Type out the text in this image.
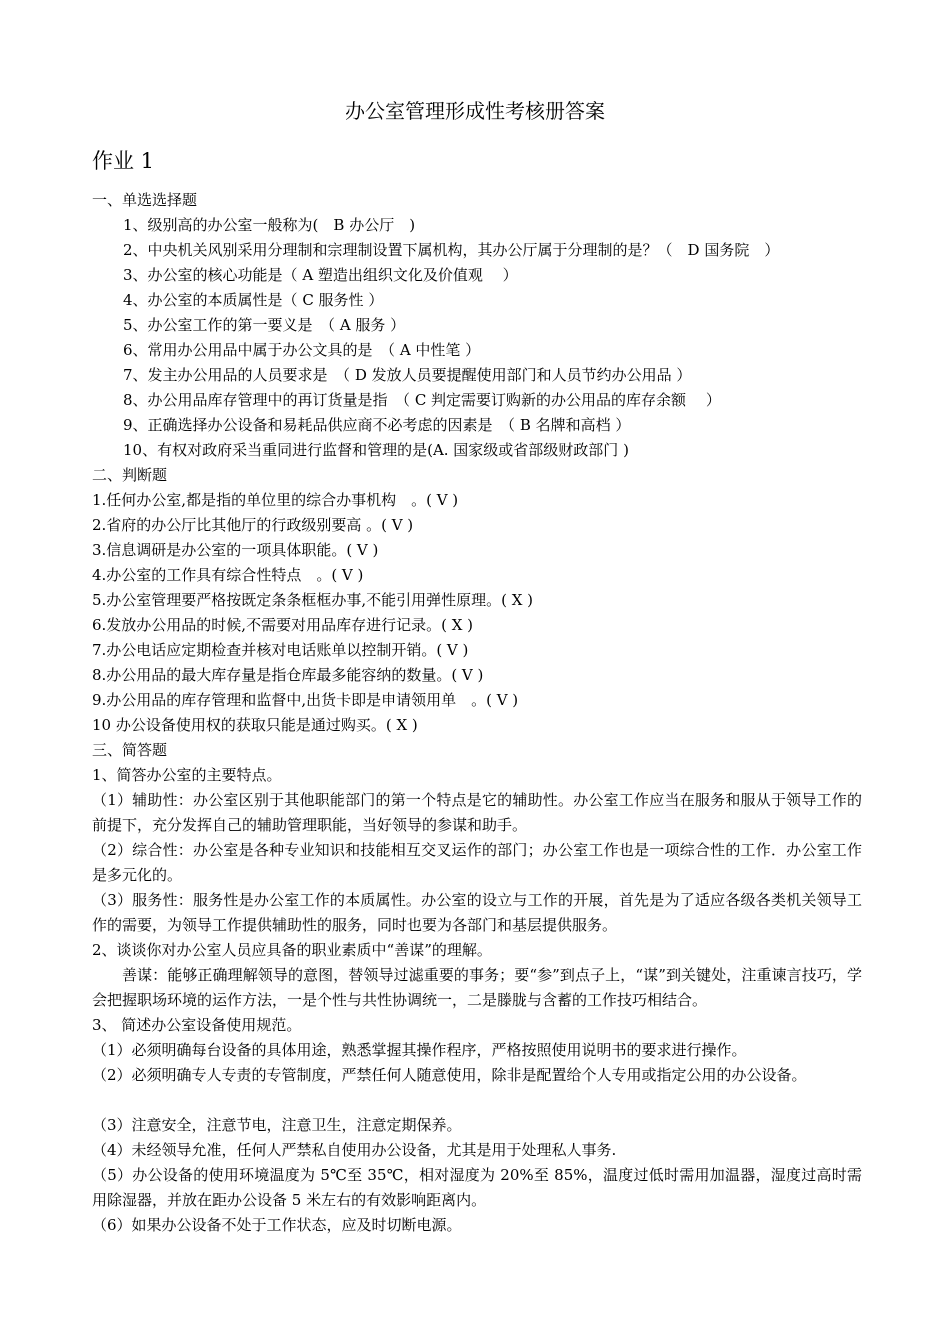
办公室管理形成性考核册答案
作业 1
一、单选选择题
1、级别高的办公室一般称为(　B 办公厅　)
2、中央机关风别采用分理制和宗理制设置下属机构，其办公厅属于分理制的是？（　D 国务院　）
3、办公室的核心功能是（ A 塑造出组织文化及价值观　 ）
4、办公室的本质属性是（ C 服务性 ）
5、办公室工作的第一要义是　（ A 服务 ）
6、常用办公用品中属于办公文具的是　（ A 中性笔 ）
7、发主办公用品的人员要求是　（ D 发放人员要提醒使用部门和人员节约办公用品 ）
8、办公用品库存管理中的再订货量是指　（ C 判定需要订购新的办公用品的库存余额　 ）
9、正确选择办公设备和易耗品供应商不必考虑的因素是　（ B 名牌和高档 ）
10、有权对政府采当重同进行监督和管理的是(A. 国家级或省部级财政部门 )
二、判断题
1.任何办公室,都是指的单位里的综合办事机构　。( V )
2.省府的办公厅比其他厅的行政级别要高 。( V )
3.信息调研是办公室的一项具体职能。( V )
4.办公室的工作具有综合性特点　。( V )
5.办公室管理要严格按既定条条框框办事,不能引用弹性原理。( X )
6.发放办公用品的时候,不需要对用品库存进行记录。( X )
7.办公电话应定期检查并核对电话账单以控制开销。( V )
8.办公用品的最大库存量是指仓库最多能容纳的数量。( V )
9.办公用品的库存管理和监督中,出货卡即是申请领用单　。( V )
10 办公设备使用权的获取只能是通过购买。( X )
三、简答题
1、简答办公室的主要特点。
（1）辅助性：办公室区别于其他职能部门的第一个特点是它的辅助性。办公室工作应当在服务和服从于领导工作的前提下，充分发挥自己的辅助管理职能，当好领导的参谋和助手。
（2）综合性：办公室是各种专业知识和技能相互交叉运作的部门；办公室工作也是一项综合性的工作．办公室工作是多元化的。
（3）服务性：服务性是办公室工作的本质属性。办公室的设立与工作的开展，首先是为了适应各级各类机关领导工作的需要，为领导工作提供辅助性的服务，同时也要为各部门和基层提供服务。
2、谈谈你对办公室人员应具备的职业素质中“善谋”的理解。
善谋：能够正确理解领导的意图，替领导过滤重要的事务；要“参”到点子上，“谋”到关键处，注重谏言技巧，学会把握职场环境的运作方法，一是个性与共性协调统一，二是滕胧与含蓄的工作技巧相结合。
3、 简述办公室设备使用规范。
（1）必须明确每台设备的具体用途，熟悉掌握其操作程序，严格按照使用说明书的要求进行操作。
（2）必须明确专人专责的专管制度，严禁任何人随意使用，除非是配置给个人专用或指定公用的办公设备。
（3）注意安全，注意节电，注意卫生，注意定期保养。
（4）未经领导允准，任何人严禁私自使用办公设备，尤其是用于处理私人事务.
（5）办公设备的使用环境温度为 5℃至 35℃，相对湿度为 20%至 85%，温度过低时需用加温器，湿度过高时需用除湿器，并放在距办公设备 5 米左右的有效影响距离内。
（6）如果办公设备不处于工作状态，应及时切断电源。
